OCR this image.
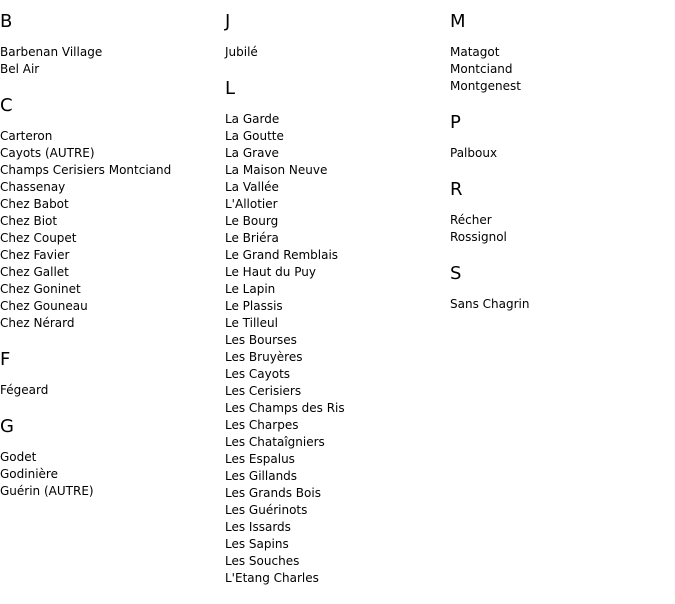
B
Barbenan Village
Bel Air
C
Carteron
Cayots (AUTRE)
Champs Cerisiers Montciand
Chassenay
Chez Babot
Chez Biot
Chez Coupet
Chez Favier
Chez Gallet
Chez Goninet
Chez Gouneau
Chez Nérard
F
Fégeard
G
Godet
Godinière
Guérin (AUTRE)
J
Jubilé
L
La Garde
La Goutte
La Grave
La Maison Neuve
La Vallée
L'Allotier
Le Bourg
Le Briéra
Le Grand Remblais
Le Haut du Puy
Le Lapin
Le Plassis
Le Tilleul
Les Bourses
Les Bruyères
Les Cayots
Les Cerisiers
Les Champs des Ris
Les Charpes
Les Chataîgniers
Les Espalus
Les Gillands
Les Grands Bois
Les Guérinots
Les Issards
Les Sapins
Les Souches
L'Etang Charles
M
Matagot
Montciand
Montgenest
P
Palboux
R
Récher
Rossignol
S
Sans Chagrin
